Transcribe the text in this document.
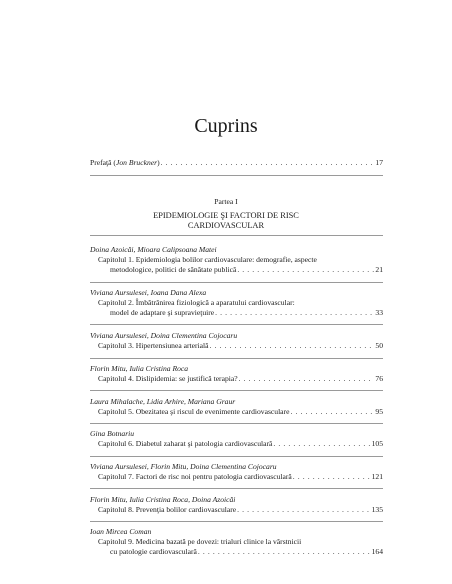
Cuprins
Prefaţă (Jon Bruckner) . . .	17
Partea I
EPIDEMIOLOGIE ŞI FACTORI DE RISC
CARDIOVASCULAR
Doina Azoicăi, Mioara Calipsoana Matei
Capitolul 1. Epidemiologia bolilor cardiovasculare: demografie, aspecte
metodologice, politici de sănătate publică . . .	21
Viviana Aursulesei, Ioana Dana Alexa
Capitolul 2. Îmbătrânirea fiziologică a aparatului cardiovascular:
model de adaptare şi supravieţuire . . .	33
Viviana Aursulesei, Doina Clementina Cojocaru
Capitolul 3. Hipertensiunea arterială . . .	50
Florin Mitu, Iulia Cristina Roca
Capitolul 4. Dislipidemia: se justifică terapia? . . .	76
Laura Mihalache, Lidia Arhire, Mariana Graur
Capitolul 5. Obezitatea şi riscul de evenimente cardiovasculare . . .	95
Gina Botnariu
Capitolul 6. Diabetul zaharat şi patologia cardiovasculară . . .	105
Viviana Aursulesei, Florin Mitu, Doina Clementina Cojocaru
Capitolul 7. Factori de risc noi pentru patologia cardiovasculară . . .	121
Florin Mitu, Iulia Cristina Roca, Doina Azoicăi
Capitolul 8. Prevenţia bolilor cardiovasculare . . .	135
Ioan Mircea Coman
Capitolul 9. Medicina bazată pe dovezi: trialuri clinice la vârstnicii
cu patologie cardiovasculară . . .	164
